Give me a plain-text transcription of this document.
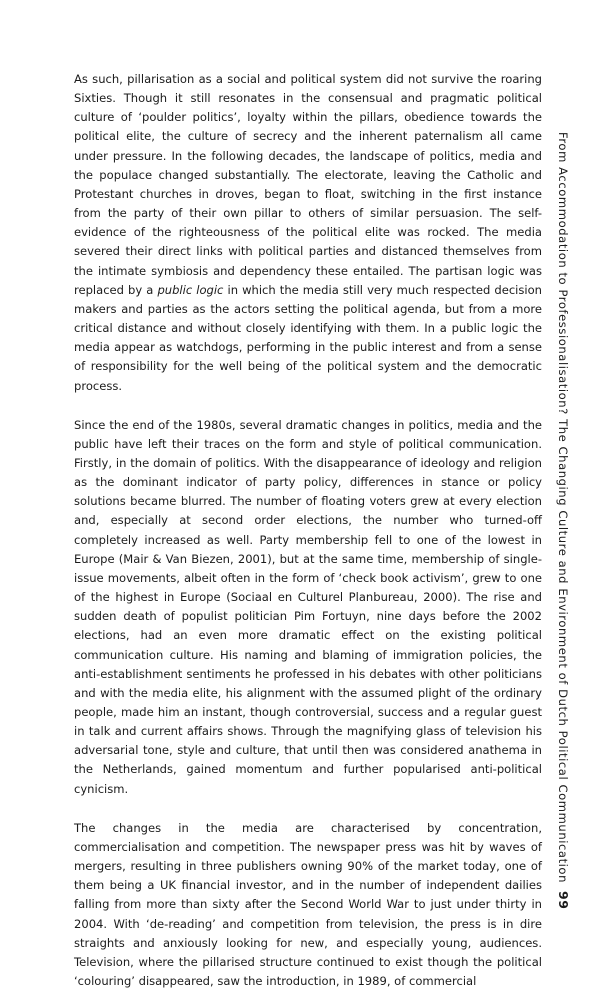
As such, pillarisation as a social and political system did not survive the roaring Sixties. Though it still resonates in the consensual and pragmatic political culture of ‘poulder politics’, loyalty within the pillars, obedience towards the political elite, the culture of secrecy and the inherent paternalism all came under pressure. In the following decades, the landscape of politics, media and the populace changed substantially. The electorate, leaving the Catholic and Protestant churches in droves, began to float, switching in the first instance from the party of their own pillar to others of similar persuasion. The self-evidence of the righteousness of the political elite was rocked. The media severed their direct links with political parties and distanced themselves from the intimate symbiosis and dependency these entailed. The partisan logic was replaced by a public logic in which the media still very much respected decision makers and parties as the actors setting the political agenda, but from a more critical distance and without closely identifying with them. In a public logic the media appear as watchdogs, performing in the public interest and from a sense of responsibility for the well being of the political system and the democratic process.

Since the end of the 1980s, several dramatic changes in politics, media and the public have left their traces on the form and style of political communication. Firstly, in the domain of politics. With the disappearance of ideology and religion as the dominant indicator of party policy, differences in stance or policy solutions became blurred. The number of floating voters grew at every election and, especially at second order elections, the number who turned-off completely increased as well. Party membership fell to one of the lowest in Europe (Mair & Van Biezen, 2001), but at the same time, membership of single-issue movements, albeit often in the form of ‘check book activism’, grew to one of the highest in Europe (Sociaal en Culturel Planbureau, 2000). The rise and sudden death of populist politician Pim Fortuyn, nine days before the 2002 elections, had an even more dramatic effect on the existing political communication culture. His naming and blaming of immigration policies, the anti-establishment sentiments he professed in his debates with other politicians and with the media elite, his alignment with the assumed plight of the ordinary people, made him an instant, though controversial, success and a regular guest in talk and current affairs shows. Through the magnifying glass of television his adversarial tone, style and culture, that until then was considered anathema in the Netherlands, gained momentum and further popularised anti-political cynicism.

The changes in the media are characterised by concentration, commercialisation and competition. The newspaper press was hit by waves of mergers, resulting in three publishers owning 90% of the market today, one of them being a UK financial investor, and in the number of independent dailies falling from more than sixty after the Second World War to just under thirty in 2004. With ‘de-reading’ and competition from television, the press is in dire straights and anxiously looking for new, and especially young, audiences. Television, where the pillarised structure continued to exist though the political ‘colouring’ disappeared, saw the introduction, in 1989, of commercial

From Accommodation to Professionalisation? The Changing Culture and Environment of Dutch Political Communication99
